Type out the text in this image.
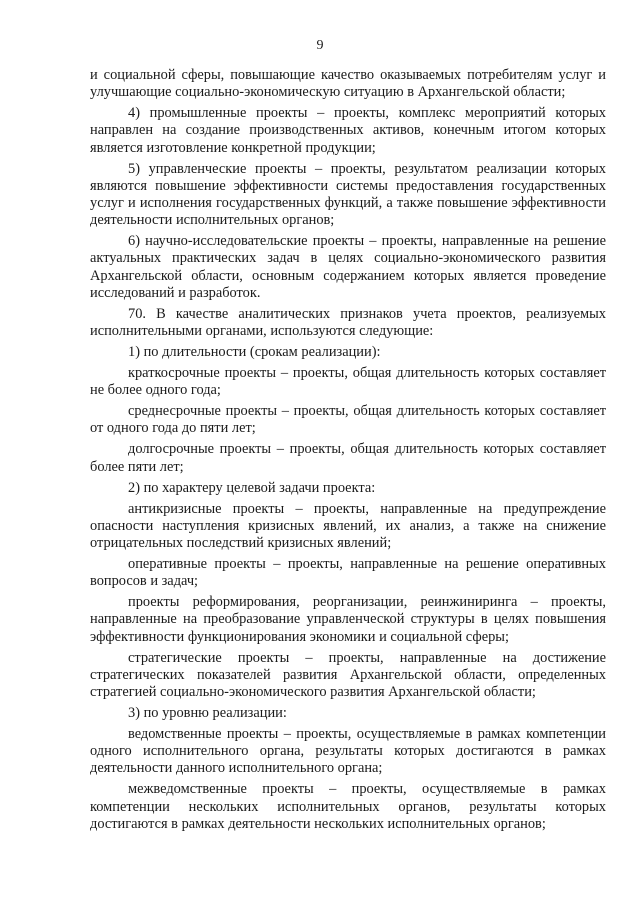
9

и социальной сферы, повышающие качество оказываемых потребителям услуг и улучшающие социально-экономическую ситуацию в Архангельской области;

4) промышленные проекты – проекты, комплекс мероприятий которых направлен на создание производственных активов, конечным итогом которых является изготовление конкретной продукции;

5) управленческие проекты – проекты, результатом реализации которых являются повышение эффективности системы предоставления государственных услуг и исполнения государственных функций, а также повышение эффективности деятельности исполнительных органов;

6) научно-исследовательские проекты – проекты, направленные на решение актуальных практических задач в целях социально-экономического развития Архангельской области, основным содержанием которых является проведение исследований и разработок.

70. В качестве аналитических признаков учета проектов, реализуемых исполнительными органами, используются следующие:

1) по длительности (срокам реализации):

краткосрочные проекты – проекты, общая длительность которых составляет не более одного года;

среднесрочные проекты – проекты, общая длительность которых составляет от одного года до пяти лет;

долгосрочные проекты – проекты, общая длительность которых составляет более пяти лет;

2) по характеру целевой задачи проекта:

антикризисные проекты – проекты, направленные на предупреждение опасности наступления кризисных явлений, их анализ, а также на снижение отрицательных последствий кризисных явлений;

оперативные проекты – проекты, направленные на решение оперативных вопросов и задач;

проекты реформирования, реорганизации, реинжиниринга – проекты, направленные на преобразование управленческой структуры в целях повышения эффективности функционирования экономики и социальной сферы;

стратегические проекты – проекты, направленные на достижение стратегических показателей развития Архангельской области, определенных стратегией социально-экономического развития Архангельской области;

3) по уровню реализации:

ведомственные проекты – проекты, осуществляемые в рамках компетенции одного исполнительного органа, результаты которых достигаются в рамках деятельности данного исполнительного органа;

межведомственные проекты – проекты, осуществляемые в рамках компетенции нескольких исполнительных органов, результаты которых достигаются в рамках деятельности нескольких исполнительных органов;
